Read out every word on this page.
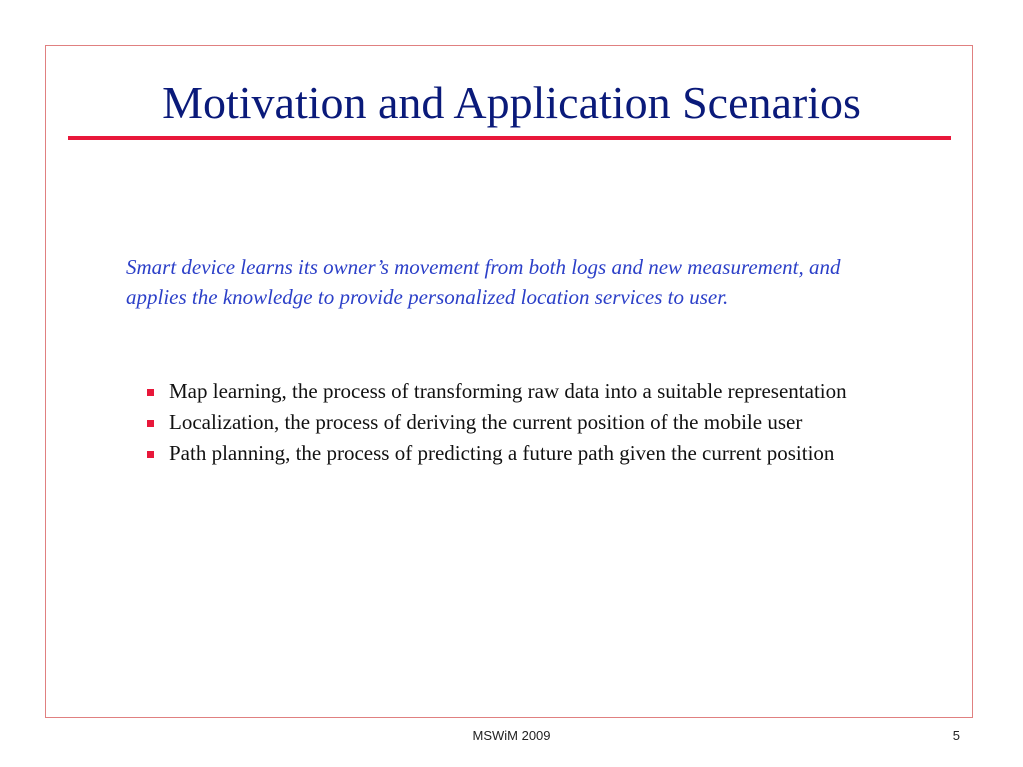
Motivation and Application Scenarios

Smart device learns its owner’s movement from both logs and new measurement, and applies the knowledge to provide personalized location services to user.

Map learning, the process of transforming raw data into a suitable representation
Localization, the process of deriving the current position of the mobile user
Path planning, the process of predicting a future path given the current position
MSWiM 2009	5
